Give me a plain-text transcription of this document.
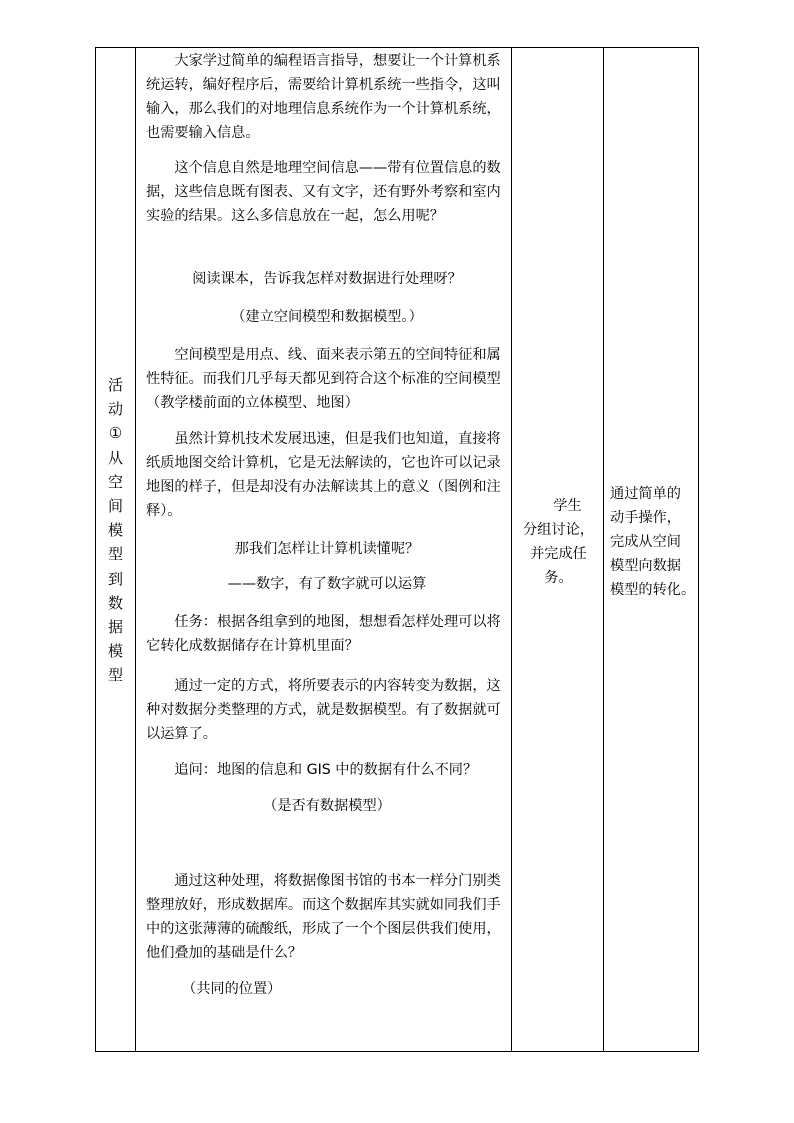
活
动
①
从
空
间
模
型
到
数
据
模
型

大家学过简单的编程语言指导，想要让一个计算机系统运转，编好程序后，需要给计算机系统一些指令，这叫输入，那么我们的对地理信息系统作为一个计算机系统，也需要输入信息。

这个信息自然是地理空间信息——带有位置信息的数据，这些信息既有图表、又有文字，还有野外考察和室内实验的结果。这么多信息放在一起，怎么用呢？

阅读课本，告诉我怎样对数据进行处理呀？

（建立空间模型和数据模型。）

空间模型是用点、线、面来表示第五的空间特征和属性特征。而我们几乎每天都见到符合这个标准的空间模型（教学楼前面的立体模型、地图）

虽然计算机技术发展迅速，但是我们也知道，直接将纸质地图交给计算机，它是无法解读的，它也许可以记录地图的样子，但是却没有办法解读其上的意义（图例和注释）。

那我们怎样让计算机读懂呢？

——数字，有了数字就可以运算

任务：根据各组拿到的地图，想想看怎样处理可以将它转化成数据储存在计算机里面？

通过一定的方式，将所要表示的内容转变为数据，这种对数据分类整理的方式，就是数据模型。有了数据就可以运算了。

追问：地图的信息和 GIS 中的数据有什么不同？

（是否有数据模型）

通过这种处理，将数据像图书馆的书本一样分门别类整理放好，形成数据库。而这个数据库其实就如同我们手中的这张薄薄的硫酸纸，形成了一个个图层供我们使用，他们叠加的基础是什么？

（共同的位置）

学生
分组讨论，
并完成任
务。
通过简单的
动手操作，
完成从空间
模型向数据
模型的转化。
